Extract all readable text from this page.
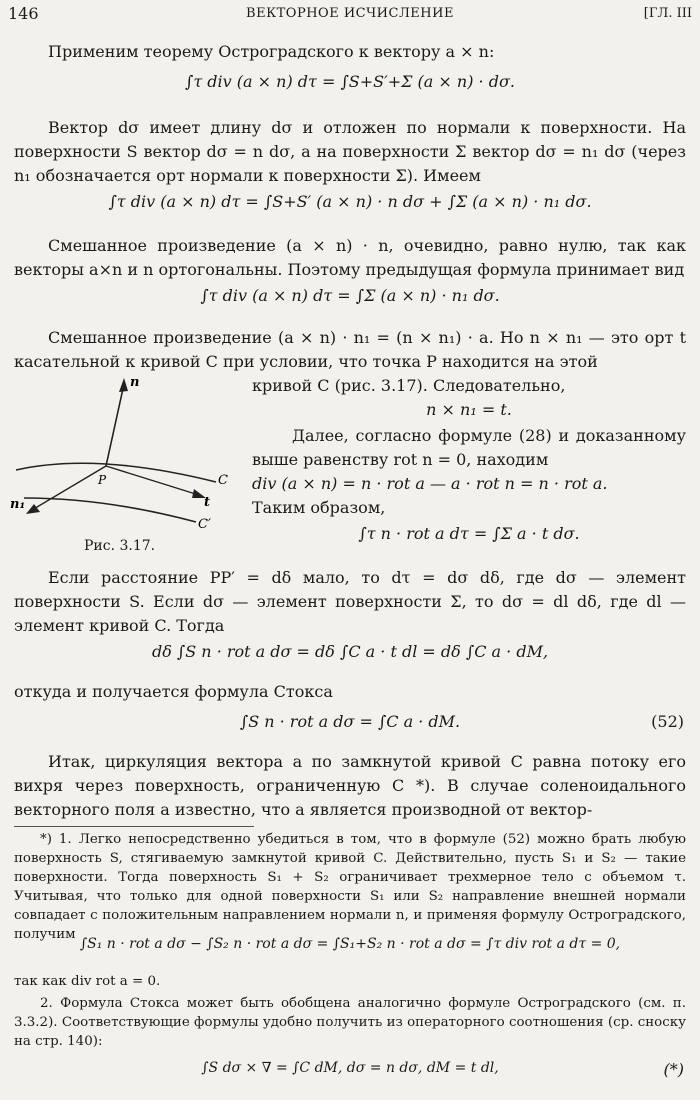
146	ВЕКТОРНОЕ ИСЧИСЛЕНИЕ	[ГЛ. III
Применим теорему Остроградского к вектору a × n:
∫τ div (a × n) dτ = ∫S+S′+Σ (a × n) · dσ.
Вектор dσ имеет длину dσ и отложен по нормали к поверхности. На поверхности S вектор dσ = n dσ, а на поверхности Σ вектор dσ = n₁ dσ (через n₁ обозначается орт нормали к поверхности Σ). Имеем
∫τ div (a × n) dτ = ∫S+S′ (a × n) · n dσ + ∫Σ (a × n) · n₁ dσ.
Смешанное произведение (a × n) · n, очевидно, равно нулю, так как векторы a×n и n ортогональны. Поэтому предыдущая формула принимает вид
∫τ div (a × n) dτ = ∫Σ (a × n) · n₁ dσ.
Смешанное произведение (a × n) · n₁ = (n × n₁) · a. Но n × n₁ — это орт t касательной к кривой C при условии, что точка P находится на этой
n
P	C
t
n₁
C′
Рис. 3.17.
кривой C (рис. 3.17). Следовательно,
n × n₁ = t.
Далее, согласно формуле (28) и доказанному выше равенству rot n = 0, находим
div (a × n) = n · rot a — a · rot n = n · rot a.
Таким образом,
∫τ n · rot a dτ = ∫Σ a · t dσ.
Если расстояние PP′ = dδ мало, то dτ = dσ dδ, где dσ — элемент поверхности S. Если dσ — элемент поверхности Σ, то dσ = dl dδ, где dl — элемент кривой C. Тогда
dδ ∫S n · rot a dσ = dδ ∫C a · t dl = dδ ∫C a · dM,
откуда и получается формула Стокса
∫S n · rot a dσ = ∫C a · dM.	(52)
Итак, циркуляция вектора a по замкнутой кривой C равна потоку его вихря через поверхность, ограниченную C *). В случае соленоидального векторного поля a известно, что a является производной от вектор-
*) 1. Легко непосредственно убедиться в том, что в формуле (52) можно брать любую поверхность S, стягиваемую замкнутой кривой C. Действительно, пусть S₁ и S₂ — такие поверхности. Тогда поверхность S₁ + S₂ ограничивает трехмерное тело с объемом τ. Учитывая, что только для одной поверхности S₁ или S₂ направление внешней нормали совпадает с положительным направлением нормали n, и применяя формулу Остроградского, получим
∫S₁ n · rot a dσ − ∫S₂ n · rot a dσ = ∫S₁+S₂ n · rot a dσ = ∫τ div rot a dτ = 0,
так как div rot a = 0.
2. Формула Стокса может быть обобщена аналогично формуле Остроградского (см. п. 3.3.2). Соответствующие формулы удобно получить из операторного соотношения (ср. сноску на стр. 140):
∫S dσ × ∇ = ∫C dM, dσ = n dσ, dM = t dl,	(*)
